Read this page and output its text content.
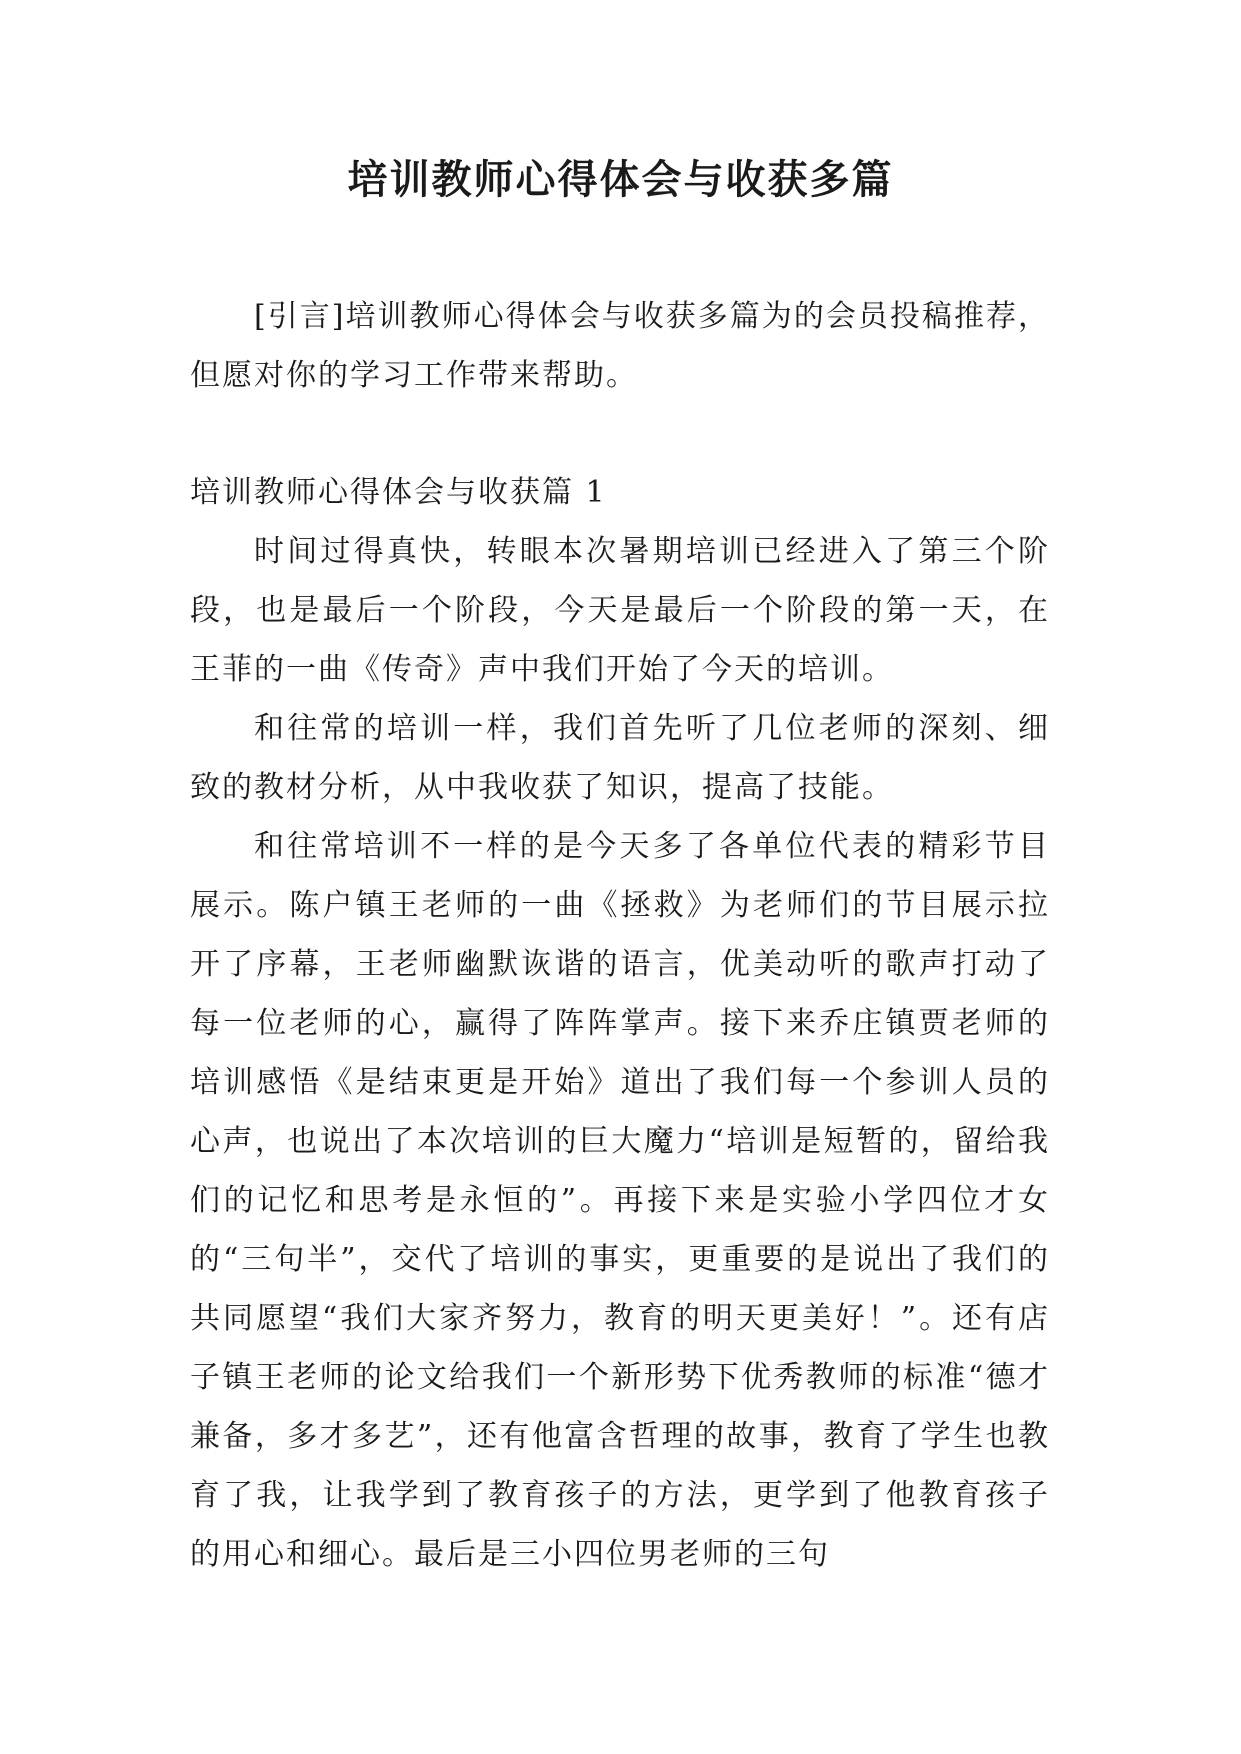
培训教师心得体会与收获多篇

[引言]培训教师心得体会与收获多篇为的会员投稿推荐，但愿对你的学习工作带来帮助。

培训教师心得体会与收获篇 1

时间过得真快，转眼本次暑期培训已经进入了第三个阶段，也是最后一个阶段，今天是最后一个阶段的第一天，在王菲的一曲《传奇》声中我们开始了今天的培训。

和往常的培训一样，我们首先听了几位老师的深刻、细致的教材分析，从中我收获了知识，提高了技能。

和往常培训不一样的是今天多了各单位代表的精彩节目展示。陈户镇王老师的一曲《拯救》为老师们的节目展示拉开了序幕，王老师幽默诙谐的语言，优美动听的歌声打动了每一位老师的心，赢得了阵阵掌声。接下来乔庄镇贾老师的培训感悟《是结束更是开始》道出了我们每一个参训人员的心声，也说出了本次培训的巨大魔力“培训是短暂的，留给我们的记忆和思考是永恒的”。再接下来是实验小学四位才女的“三句半”，交代了培训的事实，更重要的是说出了我们的共同愿望“我们大家齐努力，教育的明天更美好！”。还有店子镇王老师的论文给我们一个新形势下优秀教师的标准“德才兼备，多才多艺”，还有他富含哲理的故事，教育了学生也教育了我，让我学到了教育孩子的方法，更学到了他教育孩子的用心和细心。最后是三小四位男老师的三句
